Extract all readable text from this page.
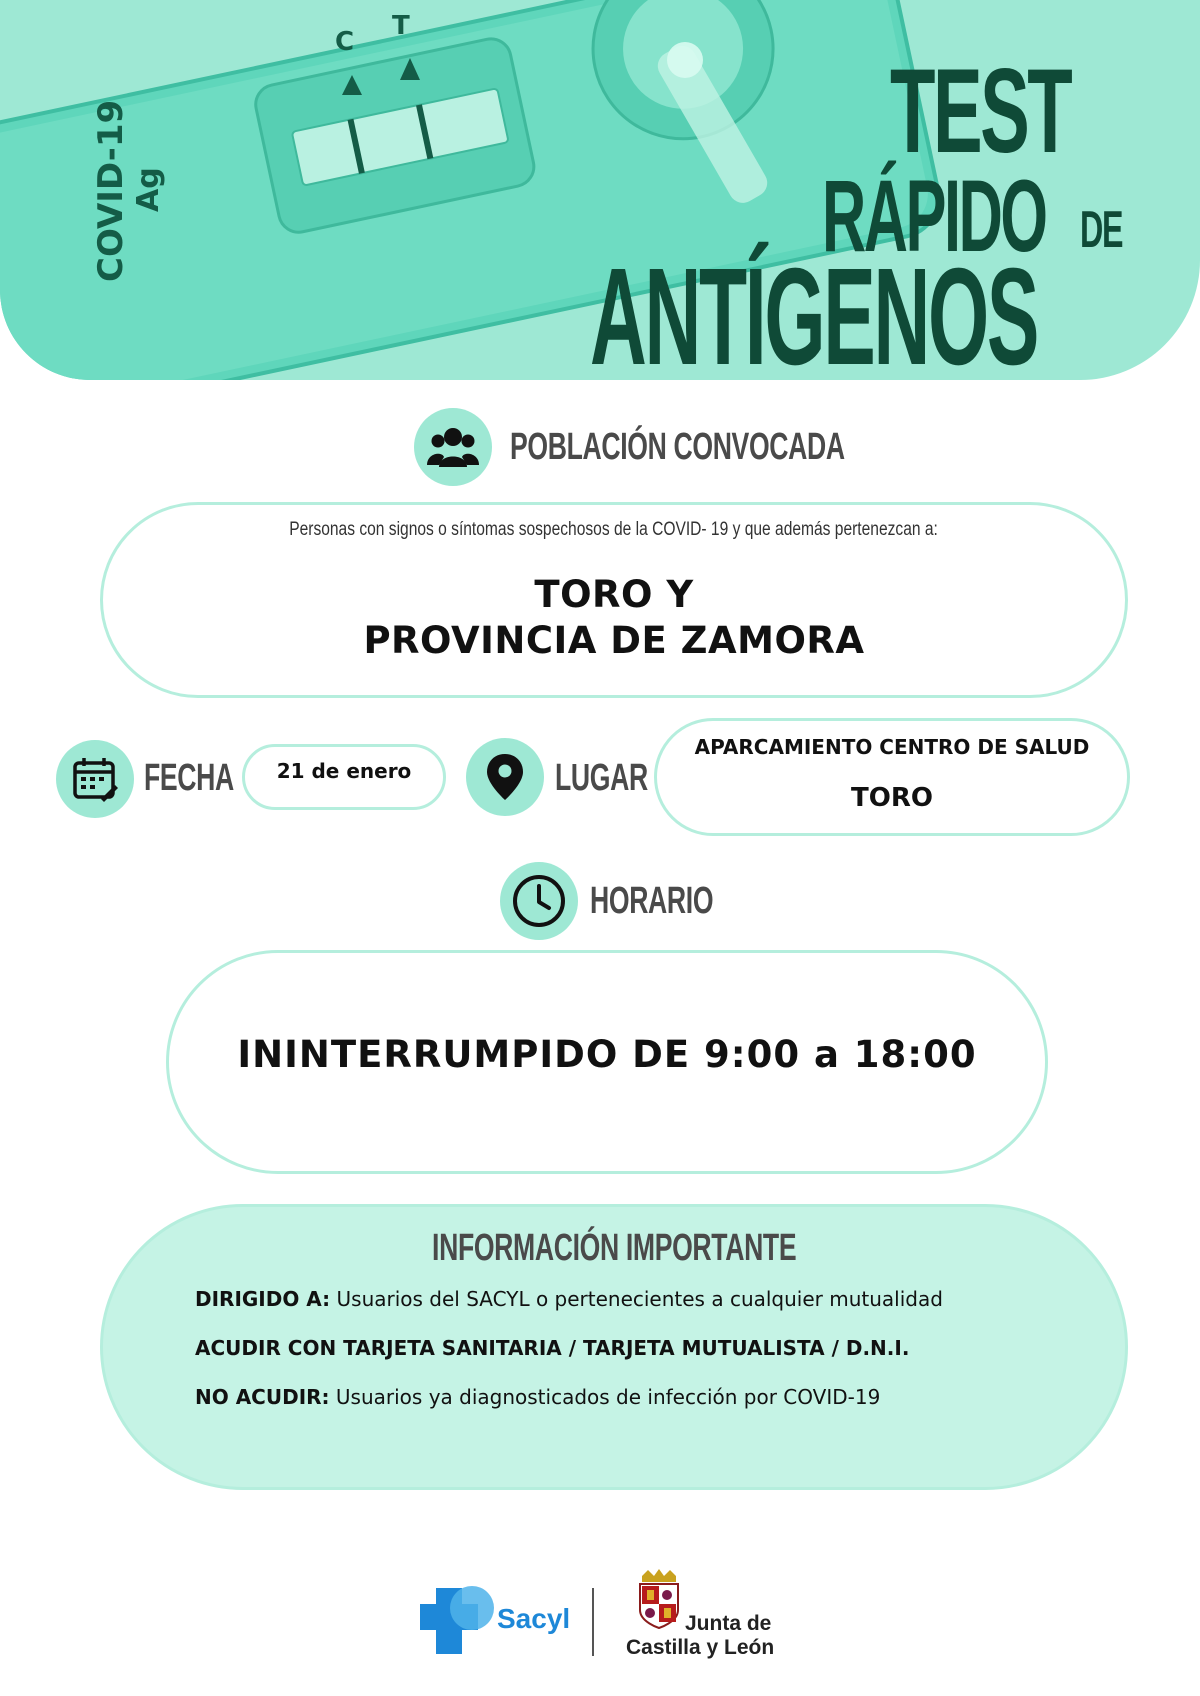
C
T
COVID-19 Ag
TEST
RÁPIDO DE
ANTÍGENOS
POBLACIÓN CONVOCADA
Personas con signos o síntomas sospechosos de la COVID- 19 y que además pertenezcan a:
TORO Y
PROVINCIA DE ZAMORA
FECHA 21 de enero	LUGAR
APARCAMIENTO CENTRO DE SALUD
TORO
HORARIO
ININTERRUMPIDO DE 9:00 a 18:00
INFORMACIÓN IMPORTANTE
DIRIGIDO A: Usuarios del SACYL o pertenecientes a cualquier mutualidad
ACUDIR CON TARJETA SANITARIA / TARJETA MUTUALISTA / D.N.I.
NO ACUDIR: Usuarios ya diagnosticados de infección por COVID-19
Sacyl	Junta de
Castilla y León
